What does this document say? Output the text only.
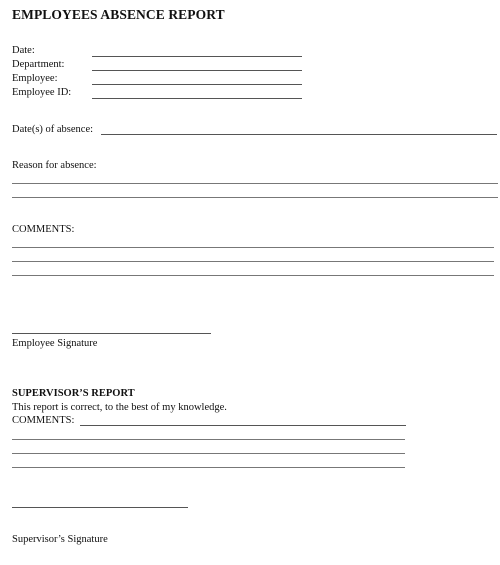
EMPLOYEES ABSENCE REPORT
Date:
Department:
Employee:
Employee ID:
Date(s) of absence:
Reason for absence:
COMMENTS:
Employee Signature
SUPERVISOR’S REPORT
This report is correct, to the best of my knowledge.
COMMENTS:
Supervisor’s Signature
